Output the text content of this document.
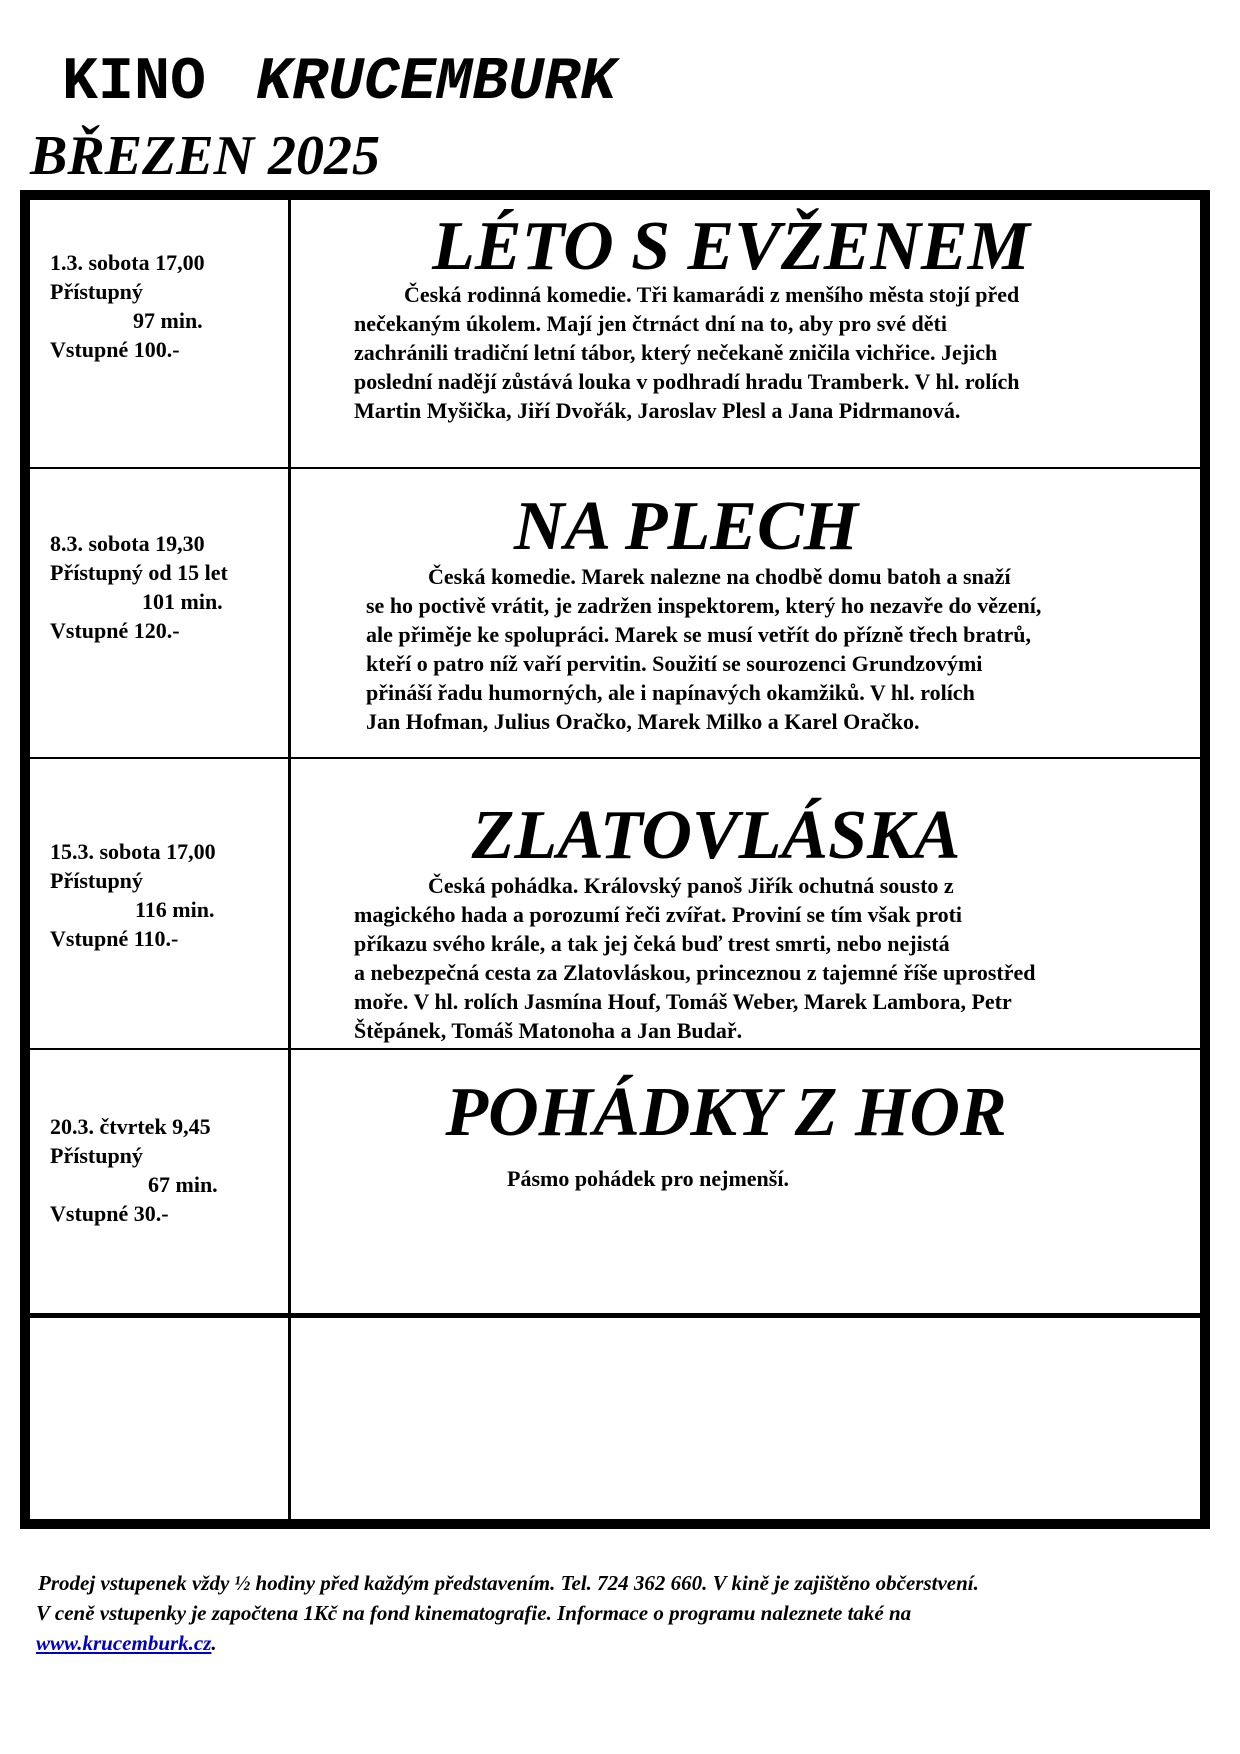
KINO KRUCEMBURK
BŘEZEN 2025
1.3. sobota 17,00
Přístupný
97 min.
Vstupné 100.-
LÉTO S EVŽENEM
Česká rodinná komedie. Tři kamarádi z menšího města stojí před
nečekaným úkolem. Mají jen čtrnáct dní na to, aby pro své děti
zachránili tradiční letní tábor, který nečekaně zničila vichřice. Jejich
poslední nadějí zůstává louka v podhradí hradu Tramberk. V hl. rolích
Martin Myšička, Jiří Dvořák, Jaroslav Plesl a Jana Pidrmanová.
8.3. sobota 19,30
Přístupný od 15 let
101 min.
Vstupné 120.-
NA PLECH
Česká komedie. Marek nalezne na chodbě domu batoh a snaží
se ho poctivě vrátit, je zadržen inspektorem, který ho nezavře do vězení,
ale přiměje ke spolupráci. Marek se musí vetřít do přízně třech bratrů,
kteří o patro níž vaří pervitin. Soužití se sourozenci Grundzovými
přináší řadu humorných, ale i napínavých okamžiků. V hl. rolích
Jan Hofman, Julius Oračko, Marek Milko a Karel Oračko.
15.3. sobota 17,00
Přístupný
116 min.
Vstupné 110.-
ZLATOVLÁSKA
Česká pohádka. Královský panoš Jiřík ochutná sousto z
magického hada a porozumí řeči zvířat. Proviní se tím však proti
příkazu svého krále, a tak jej čeká buď trest smrti, nebo nejistá
a nebezpečná cesta za Zlatovláskou, princeznou z tajemné říše uprostřed
moře. V hl. rolích Jasmína Houf, Tomáš Weber, Marek Lambora, Petr
Štěpánek, Tomáš Matonoha a Jan Budař.
20.3. čtvrtek 9,45
Přístupný
67 min.
Vstupné 30.-
POHÁDKY Z HOR
Pásmo pohádek pro nejmenší.
Prodej vstupenek vždy ½ hodiny před každým představením. Tel. 724 362 660. V kině je zajištěno občerstvení.
V ceně vstupenky je započtena 1Kč na fond kinematografie. Informace o programu naleznete také na
www.krucemburk.cz.
